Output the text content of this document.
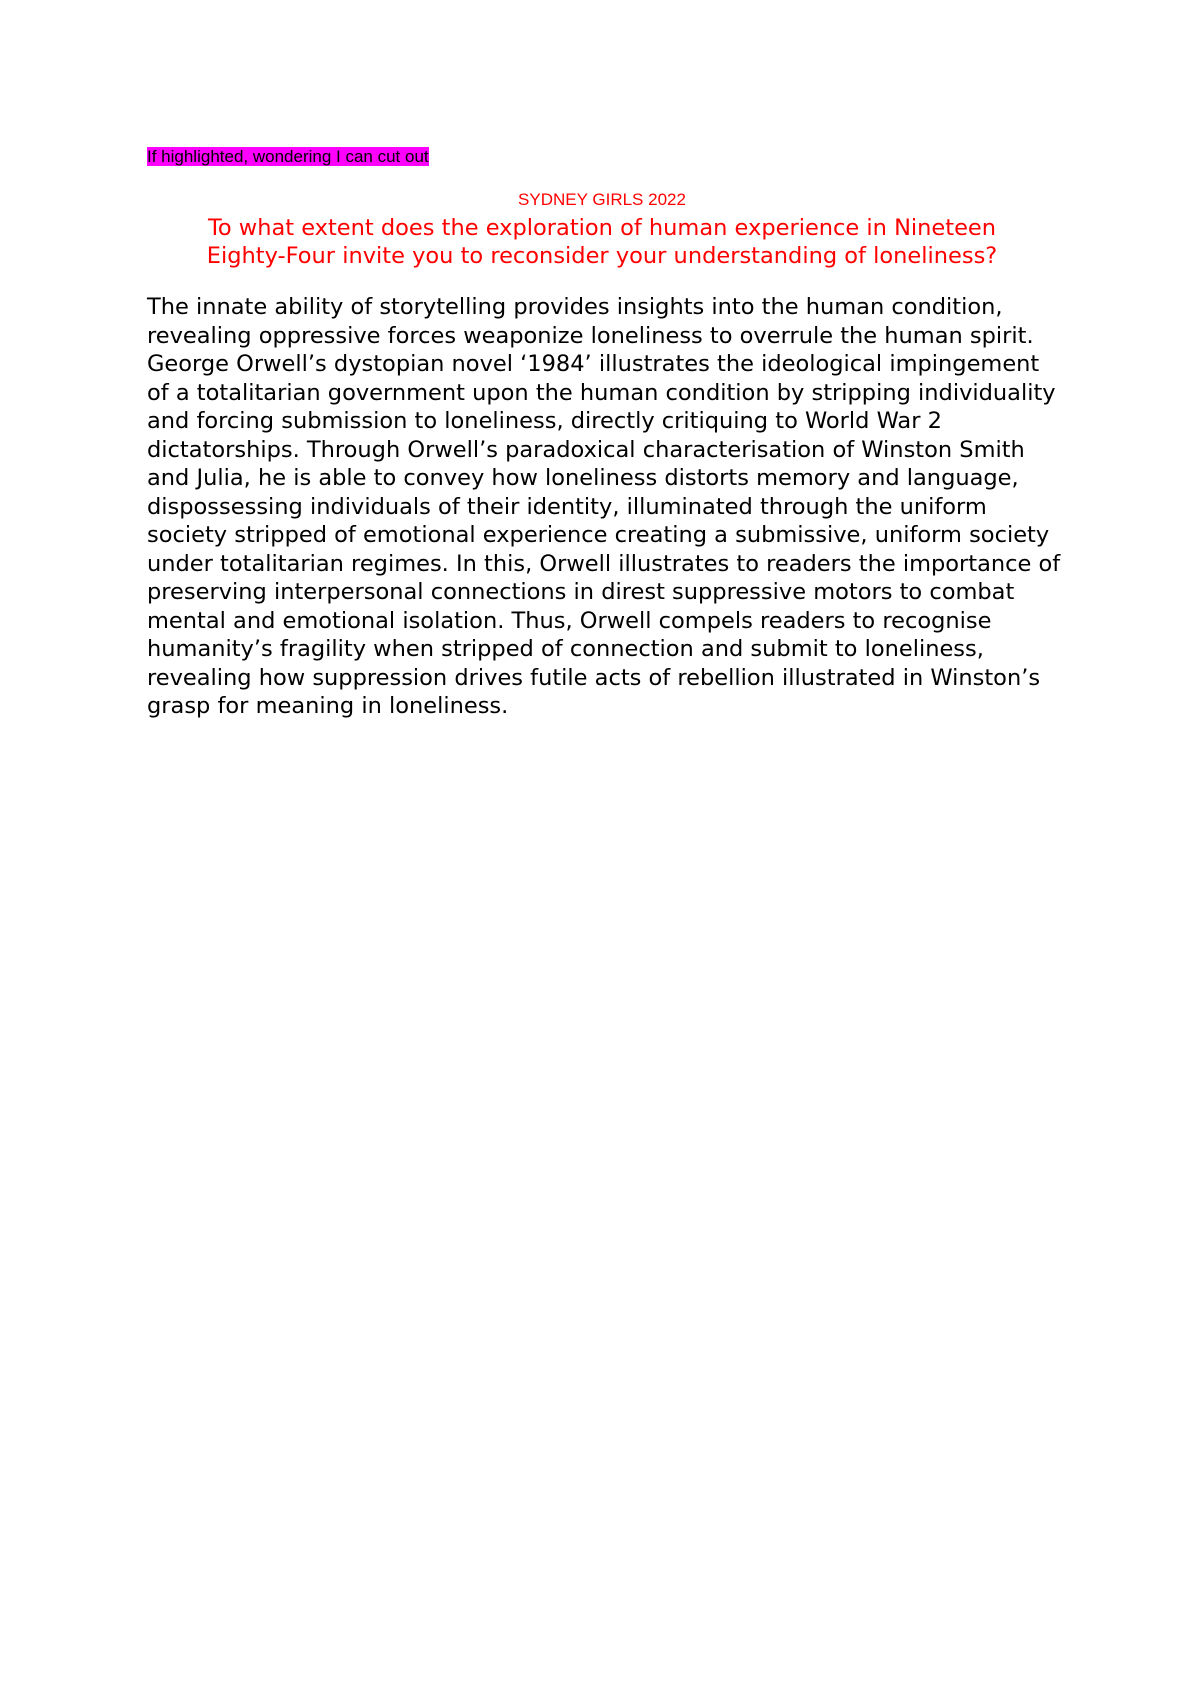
If highlighted, wondering I can cut out
SYDNEY GIRLS 2022
To what extent does the exploration of human experience in Nineteen
Eighty-Four invite you to reconsider your understanding of loneliness?

The innate ability of storytelling provides insights into the human condition, revealing oppressive forces weaponize loneliness to overrule the human spirit. George Orwell’s dystopian novel ‘1984’ illustrates the ideological impingement of a totalitarian government upon the human condition by stripping individuality and forcing submission to loneliness, directly critiquing to World War 2 dictatorships. Through Orwell’s paradoxical characterisation of Winston Smith and Julia, he is able to convey how loneliness distorts memory and language, dispossessing individuals of their identity, illuminated through the uniform society stripped of emotional experience creating a submissive, uniform society under totalitarian regimes. In this, Orwell illustrates to readers the importance of preserving interpersonal connections in direst suppressive motors to combat mental and emotional isolation. Thus, Orwell compels readers to recognise humanity’s fragility when stripped of connection and submit to loneliness, revealing how suppression drives futile acts of rebellion illustrated in Winston’s grasp for meaning in loneliness.
